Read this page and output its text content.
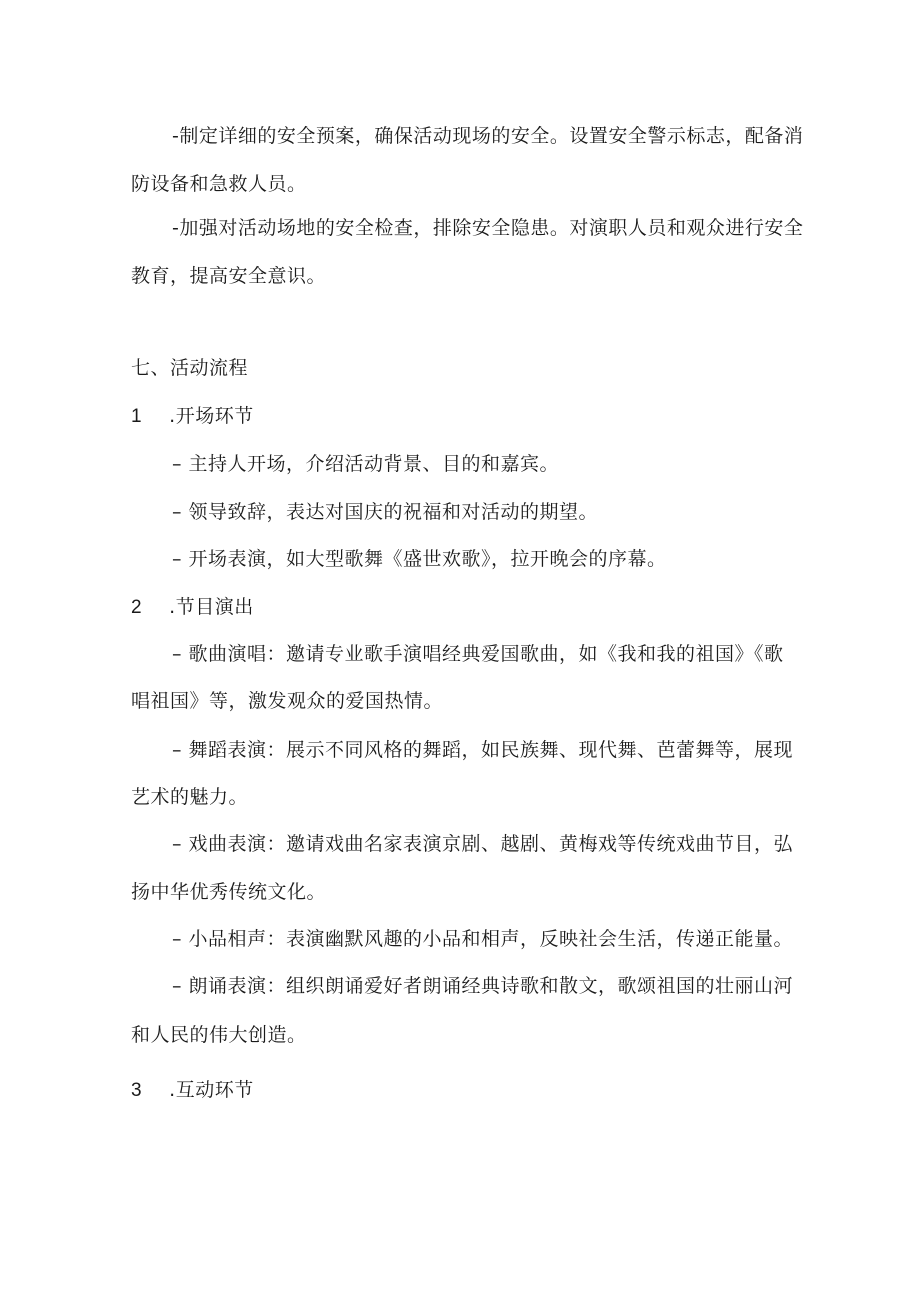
-制定详细的安全预案，确保活动现场的安全。设置安全警示标志，配备消
防设备和急救人员。
-加强对活动场地的安全检查，排除安全隐患。对演职人员和观众进行安全
教育，提高安全意识。
七、活动流程
1 .开场环节
– 主持人开场，介绍活动背景、目的和嘉宾。
– 领导致辞，表达对国庆的祝福和对活动的期望。
– 开场表演，如大型歌舞《盛世欢歌》，拉开晚会的序幕。
2 .节目演出
– 歌曲演唱：邀请专业歌手演唱经典爱国歌曲，如《我和我的祖国》《歌
唱祖国》等，激发观众的爱国热情。
– 舞蹈表演：展示不同风格的舞蹈，如民族舞、现代舞、芭蕾舞等，展现
艺术的魅力。
– 戏曲表演：邀请戏曲名家表演京剧、越剧、黄梅戏等传统戏曲节目，弘
扬中华优秀传统文化。
– 小品相声：表演幽默风趣的小品和相声，反映社会生活，传递正能量。
– 朗诵表演：组织朗诵爱好者朗诵经典诗歌和散文，歌颂祖国的壮丽山河
和人民的伟大创造。
3 .互动环节
